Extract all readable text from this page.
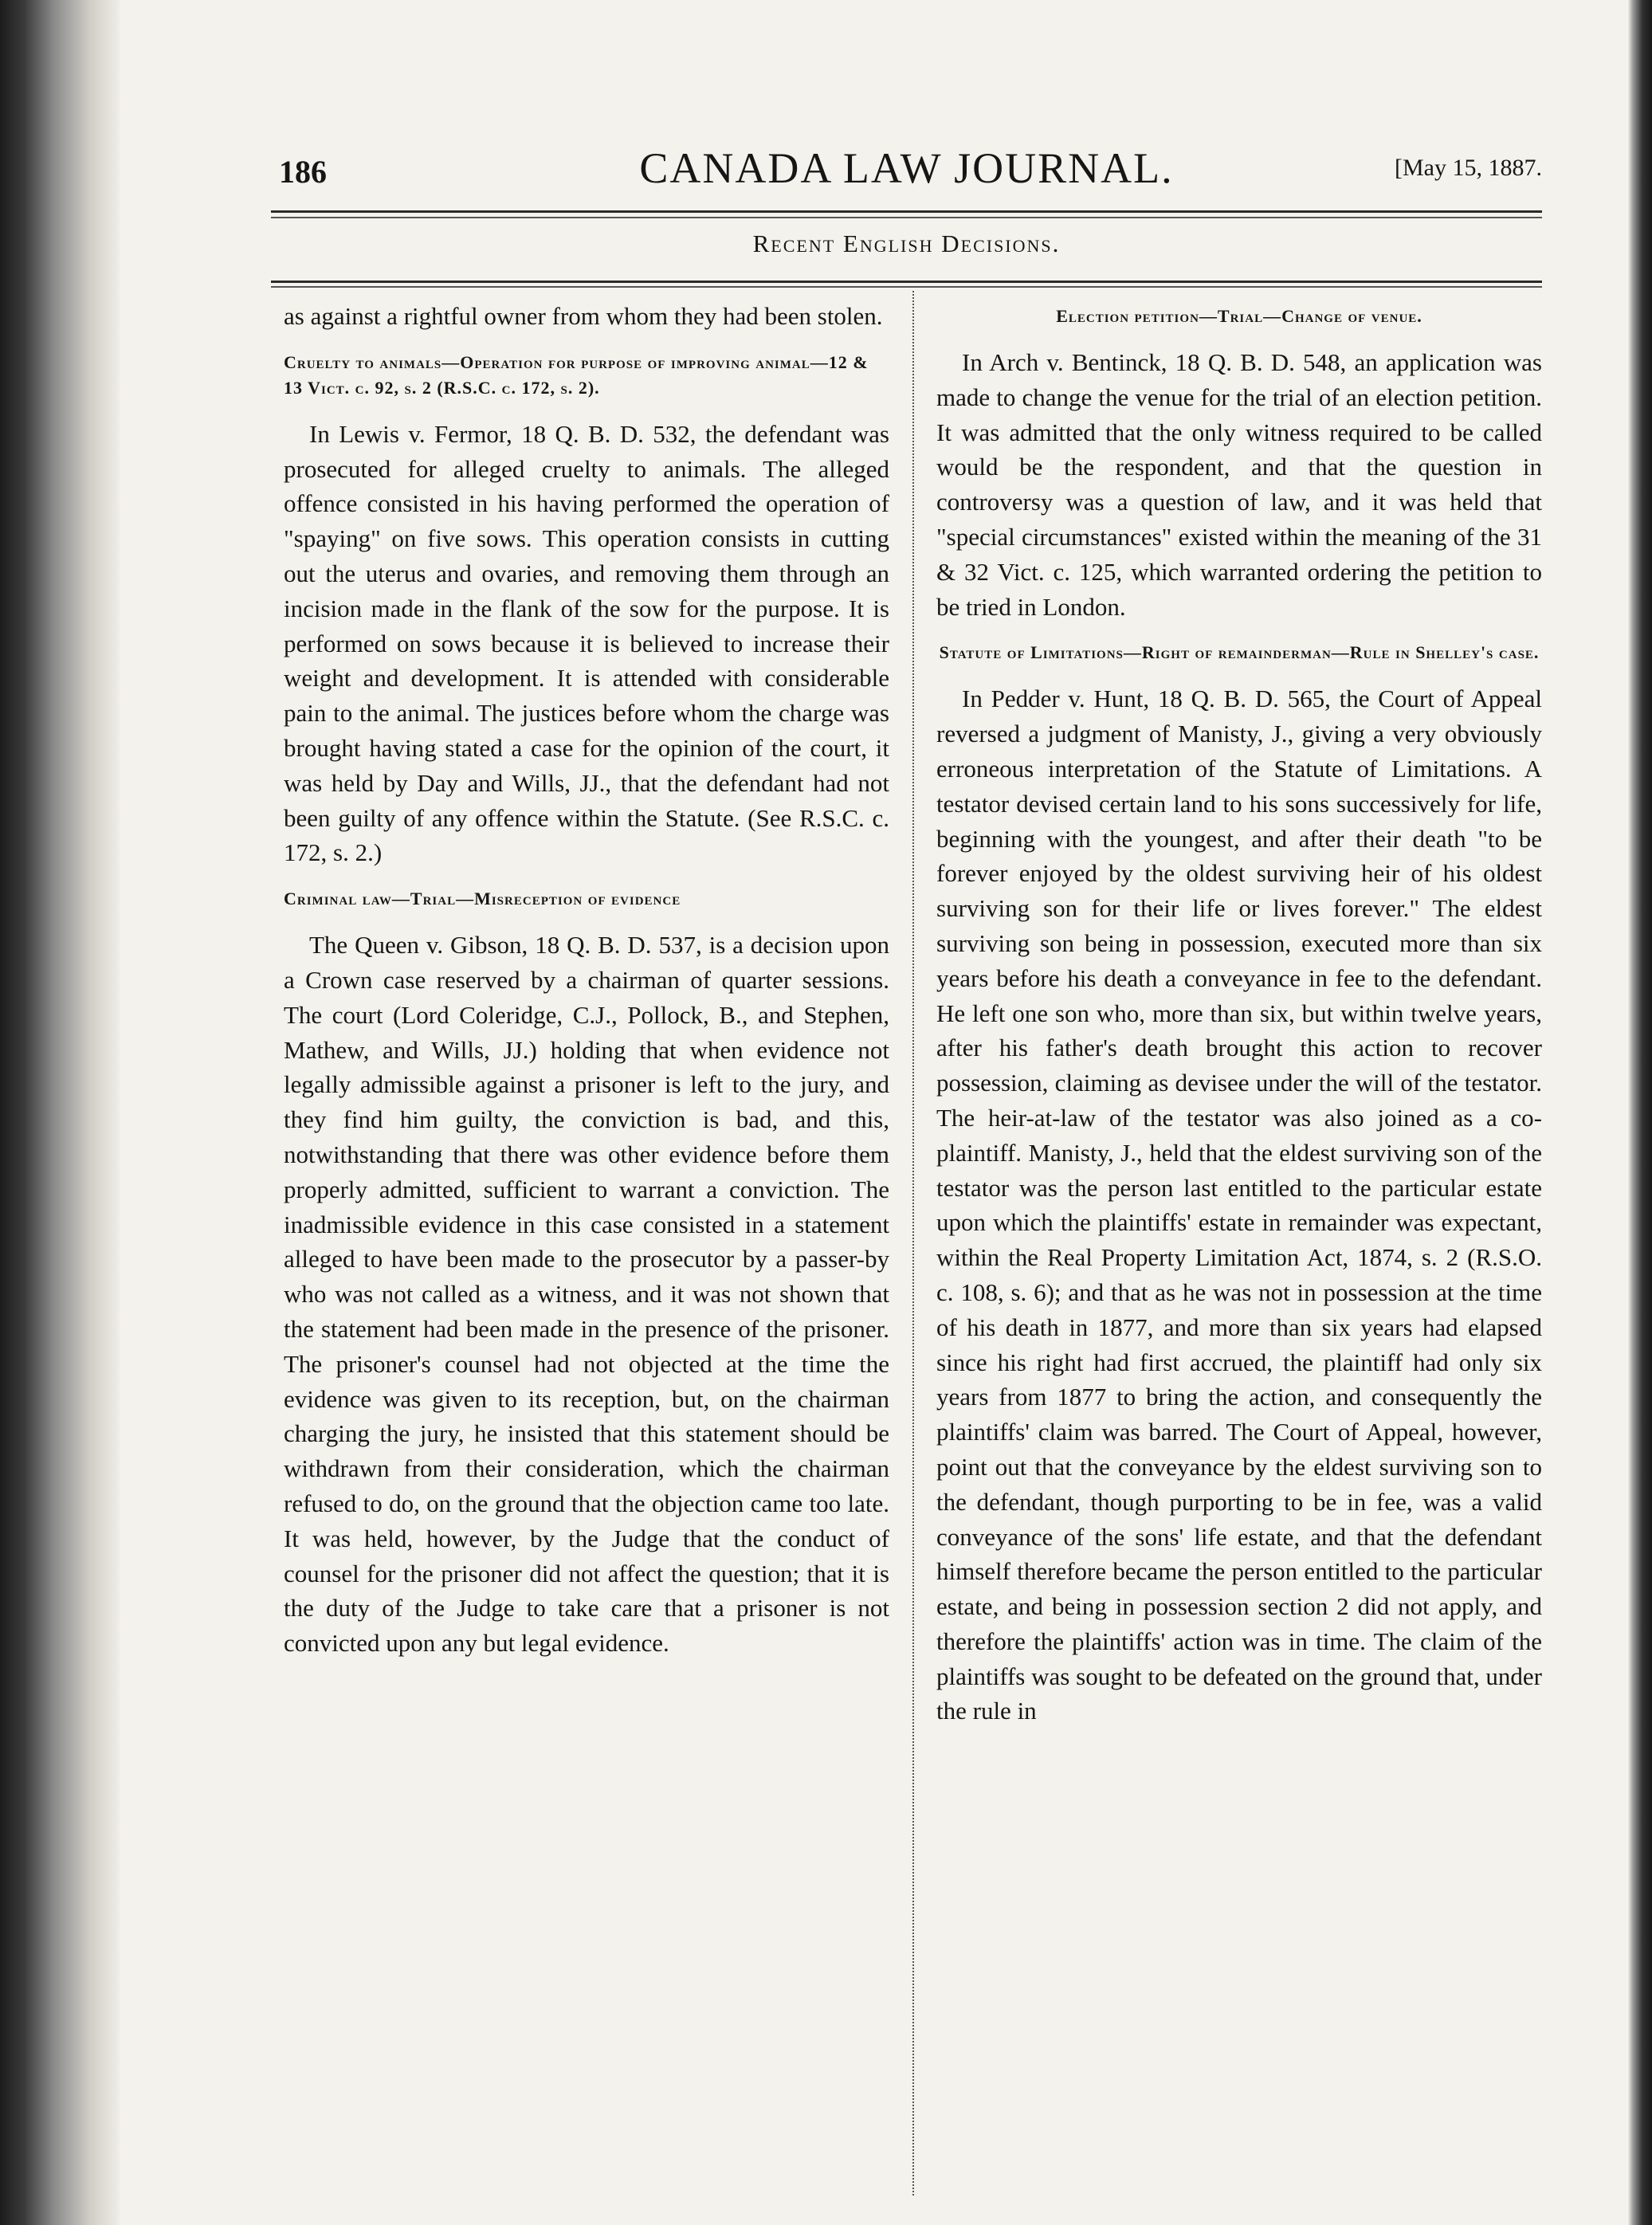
186	CANADA LAW JOURNAL.	[May 15, 1887.
Recent English Decisions.

as against a rightful owner from whom they had been stolen.

Cruelty to animals—Operation for purpose of improving animal—12 & 13 Vict. c. 92, s. 2 (R.S.C. c. 172, s. 2).

In Lewis v. Fermor, 18 Q. B. D. 532, the defendant was prosecuted for alleged cruelty to animals. The alleged offence consisted in his having performed the operation of "spaying" on five sows. This operation consists in cutting out the uterus and ovaries, and removing them through an incision made in the flank of the sow for the purpose. It is performed on sows because it is believed to increase their weight and development. It is attended with considerable pain to the animal. The justices before whom the charge was brought having stated a case for the opinion of the court, it was held by Day and Wills, JJ., that the defendant had not been guilty of any offence within the Statute. (See R.S.C. c. 172, s. 2.)

Criminal law—Trial—Misreception of evidence

The Queen v. Gibson, 18 Q. B. D. 537, is a decision upon a Crown case reserved by a chairman of quarter sessions. The court (Lord Coleridge, C.J., Pollock, B., and Stephen, Mathew, and Wills, JJ.) holding that when evidence not legally admissible against a prisoner is left to the jury, and they find him guilty, the conviction is bad, and this, notwithstanding that there was other evidence before them properly admitted, sufficient to warrant a conviction. The inadmissible evidence in this case consisted in a statement alleged to have been made to the prosecutor by a passer-by who was not called as a witness, and it was not shown that the statement had been made in the presence of the prisoner. The prisoner's counsel had not objected at the time the evidence was given to its reception, but, on the chairman charging the jury, he insisted that this statement should be withdrawn from their consideration, which the chairman refused to do, on the ground that the objection came too late. It was held, however, by the Judge that the conduct of counsel for the prisoner did not affect the question; that it is the duty of the Judge to take care that a prisoner is not convicted upon any but legal evidence.

Election petition—Trial—Change of venue.

In Arch v. Bentinck, 18 Q. B. D. 548, an application was made to change the venue for the trial of an election petition. It was admitted that the only witness required to be called would be the respondent, and that the question in controversy was a question of law, and it was held that "special circumstances" existed within the meaning of the 31 & 32 Vict. c. 125, which warranted ordering the petition to be tried in London.

Statute of Limitations—Right of remainderman—Rule in Shelley's case.

In Pedder v. Hunt, 18 Q. B. D. 565, the Court of Appeal reversed a judgment of Manisty, J., giving a very obviously erroneous interpretation of the Statute of Limitations. A testator devised certain land to his sons successively for life, beginning with the youngest, and after their death "to be forever enjoyed by the oldest surviving heir of his oldest surviving son for their life or lives forever." The eldest surviving son being in possession, executed more than six years before his death a conveyance in fee to the defendant. He left one son who, more than six, but within twelve years, after his father's death brought this action to recover possession, claiming as devisee under the will of the testator. The heir-at-law of the testator was also joined as a co-plaintiff. Manisty, J., held that the eldest surviving son of the testator was the person last entitled to the particular estate upon which the plaintiffs' estate in remainder was expectant, within the Real Property Limitation Act, 1874, s. 2 (R.S.O. c. 108, s. 6); and that as he was not in possession at the time of his death in 1877, and more than six years had elapsed since his right had first accrued, the plaintiff had only six years from 1877 to bring the action, and consequently the plaintiffs' claim was barred. The Court of Appeal, however, point out that the conveyance by the eldest surviving son to the defendant, though purporting to be in fee, was a valid conveyance of the sons' life estate, and that the defendant himself therefore became the person entitled to the particular estate, and being in possession section 2 did not apply, and therefore the plaintiffs' action was in time. The claim of the plaintiffs was sought to be defeated on the ground that, under the rule in
